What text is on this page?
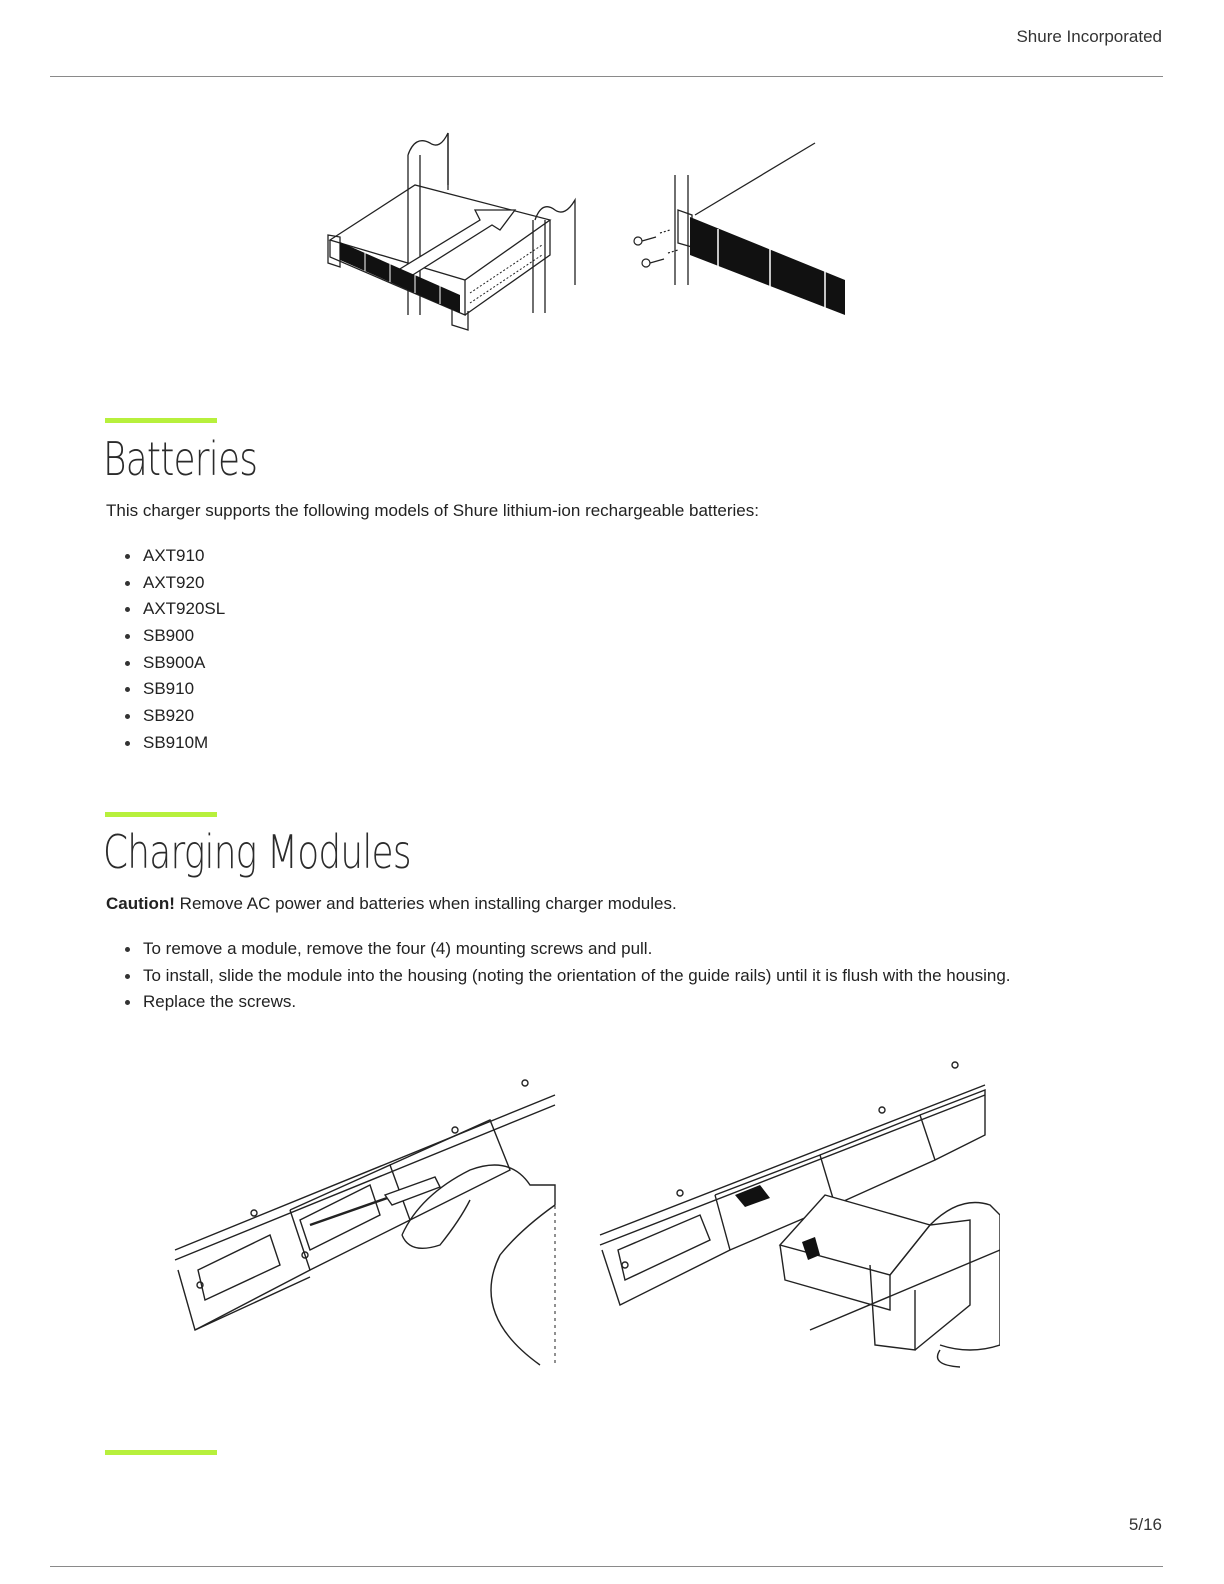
Shure Incorporated
Batteries

This charger supports the following models of Shure lithium-ion rechargeable batteries:

AXT910
AXT920
AXT920SL
SB900
SB900A
SB910
SB920
SB910M
Charging Modules

Caution! Remove AC power and batteries when installing charger modules.

To remove a module, remove the four (4) mounting screws and pull.
To install, slide the module into the housing (noting the orientation of the guide rails) until it is flush with the housing.
Replace the screws.
5/16
